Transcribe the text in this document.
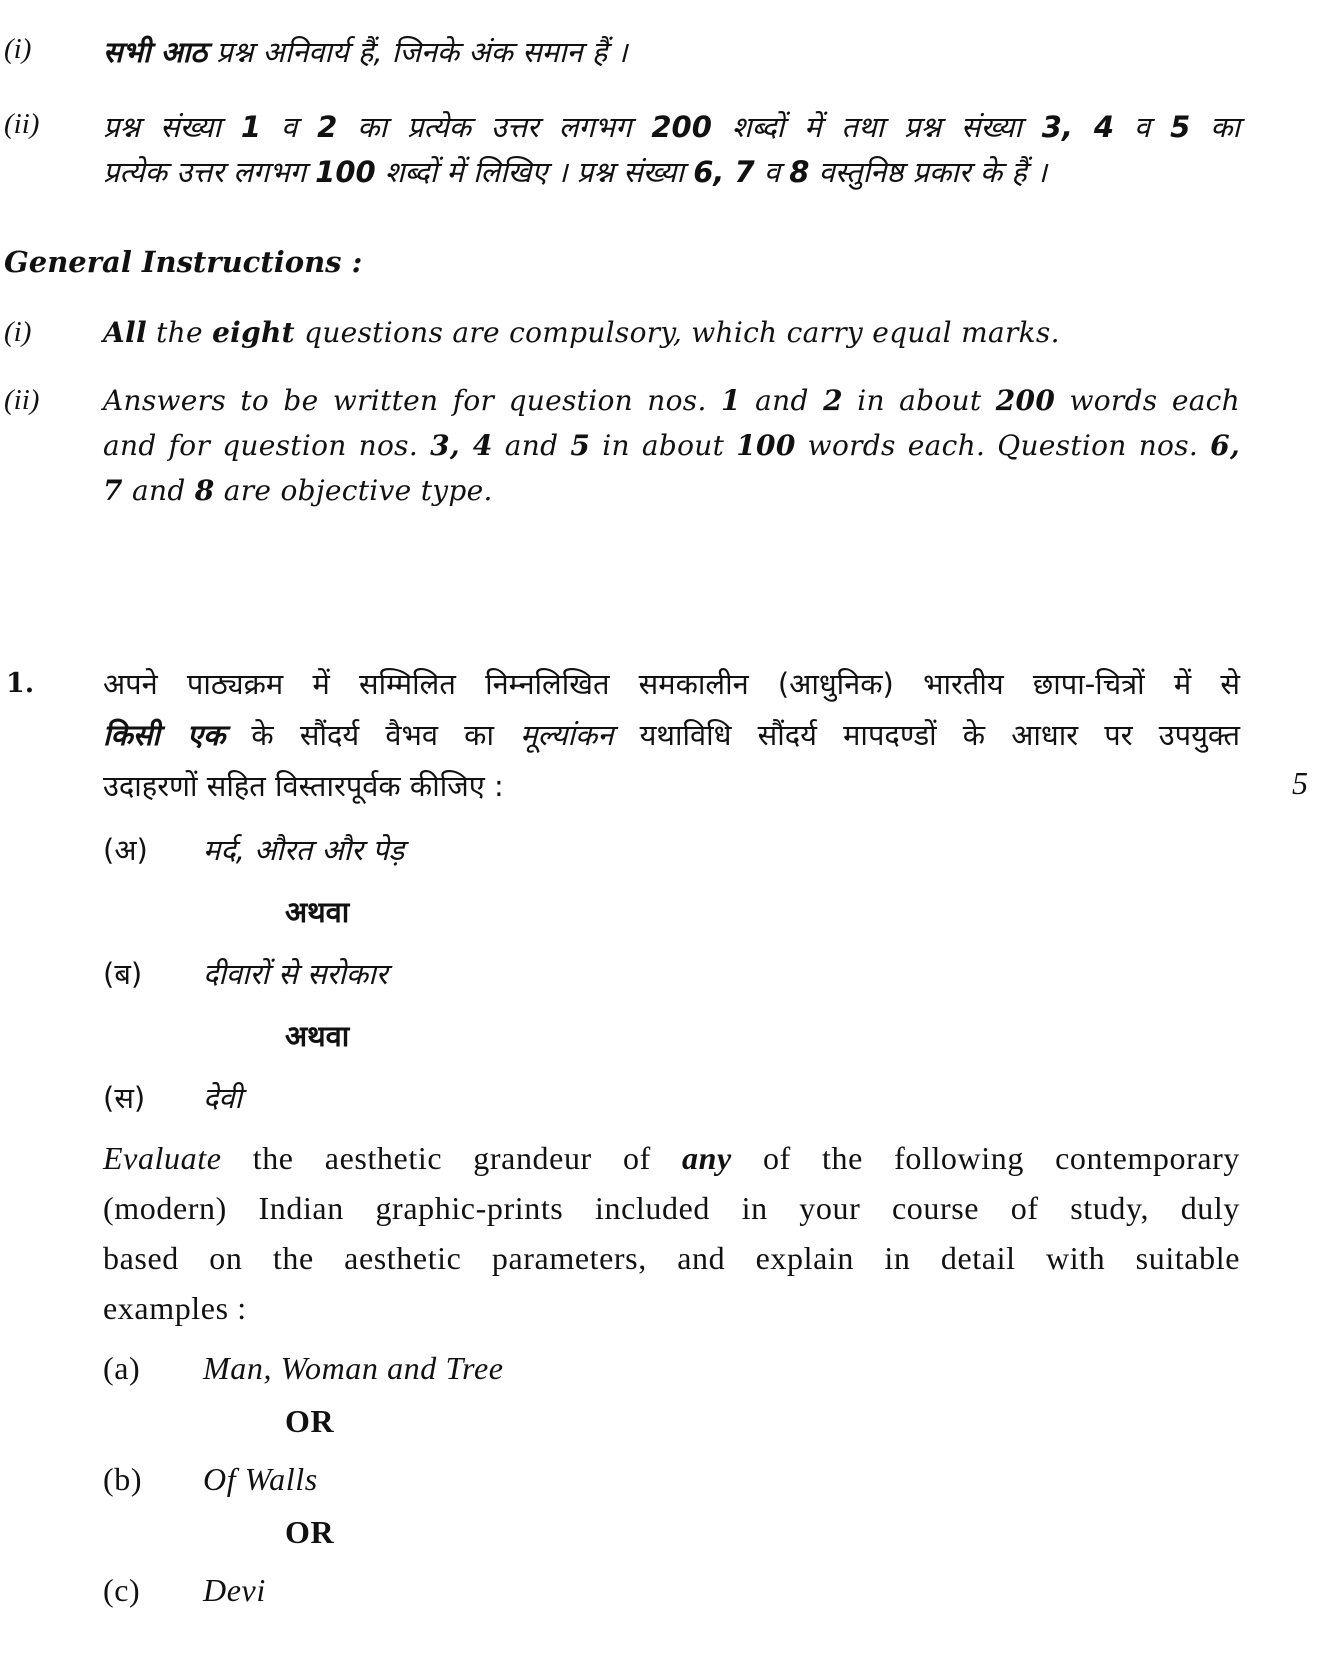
(i) सभी आठ प्रश्न अनिवार्य हैं, जिनके अंक समान हैं ।
(ii) प्रश्न संख्या 1 व 2 का प्रत्येक उत्तर लगभग 200 शब्दों में तथा प्रश्न संख्या 3, 4 व 5 का
प्रत्येक उत्तर लगभग 100 शब्दों में लिखिए । प्रश्न संख्या 6, 7 व 8 वस्तुनिष्ठ प्रकार के हैं ।
General Instructions :
(i)	All the eight questions are compulsory, which carry equal marks.
(ii) Answers to be written for question nos. 1 and 2 in about 200 words each
and for question nos. 3, 4 and 5 in about 100 words each. Question nos. 6,
7 and 8 are objective type.
1. अपने पाठ्यक्रम में सम्मिलित निम्नलिखित समकालीन (आधुनिक) भारतीय छापा-चित्रों में से
किसी एक के सौंदर्य वैभव का मूल्यांकन यथाविधि सौंदर्य मापदण्डों के आधार पर उपयुक्त
उदाहरणों सहित विस्तारपूर्वक कीजिए :	5
(अ) मर्द, औरत और पेड़
अथवा
(ब) दीवारों से सरोकार
अथवा
(स) देवी
Evaluate the aesthetic grandeur of any of the following contemporary
(modern) Indian graphic-prints included in your course of study, duly
based on the aesthetic parameters, and explain in detail with suitable
examples :
(a) Man, Woman and Tree
OR
(b) Of Walls
OR
(c) Devi
